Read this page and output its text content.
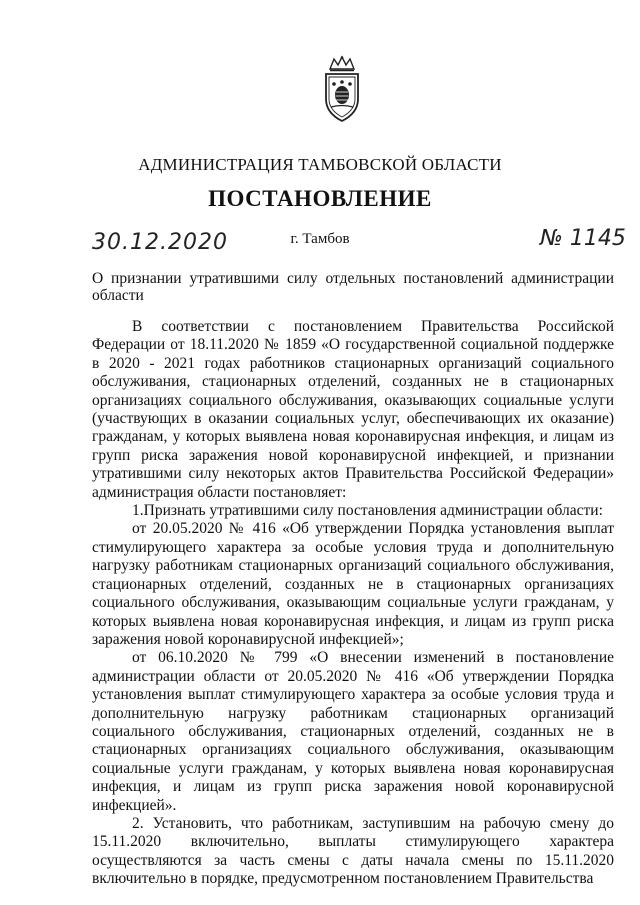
АДМИНИСТРАЦИЯ ТАМБОВСКОЙ ОБЛАСТИ
ПОСТАНОВЛЕНИЕ
30.12.2020	г. Тамбов	№ 1145
О признании утратившими силу отдельных постановлений администрации области

В соответствии с постановлением Правительства Российской Федерации от 18.11.2020 № 1859 «О государственной социальной поддержке в 2020 - 2021 годах работников стационарных организаций социального обслуживания, стационарных отделений, созданных не в стационарных организациях социального обслуживания, оказывающих социальные услуги (участвующих в оказании социальных услуг, обеспечивающих их оказание) гражданам, у которых выявлена новая коронавирусная инфекция, и лицам из групп риска заражения новой коронавирусной инфекцией, и признании утратившими силу некоторых актов Правительства Российской Федерации» администрация области постановляет:

1.Признать утратившими силу постановления администрации области:

от 20.05.2020 № 416 «Об утверждении Порядка установления выплат стимулирующего характера за особые условия труда и дополнительную нагрузку работникам стационарных организаций социального обслуживания, стационарных отделений, созданных не в стационарных организациях социального обслуживания, оказывающим социальные услуги гражданам, у которых выявлена новая коронавирусная инфекция, и лицам из групп риска заражения новой коронавирусной инфекцией»;

от 06.10.2020 № 799 «О внесении изменений в постановление администрации области от 20.05.2020 № 416 «Об утверждении Порядка установления выплат стимулирующего характера за особые условия труда и дополнительную нагрузку работникам стационарных организаций социального обслуживания, стационарных отделений, созданных не в стационарных организациях социального обслуживания, оказывающим социальные услуги гражданам, у которых выявлена новая коронавирусная инфекция, и лицам из групп риска заражения новой коронавирусной инфекцией».

2. Установить, что работникам, заступившим на рабочую смену до 15.11.2020 включительно, выплаты стимулирующего характера осуществляются за часть смены с даты начала смены по 15.11.2020 включительно в порядке, предусмотренном постановлением Правительства
